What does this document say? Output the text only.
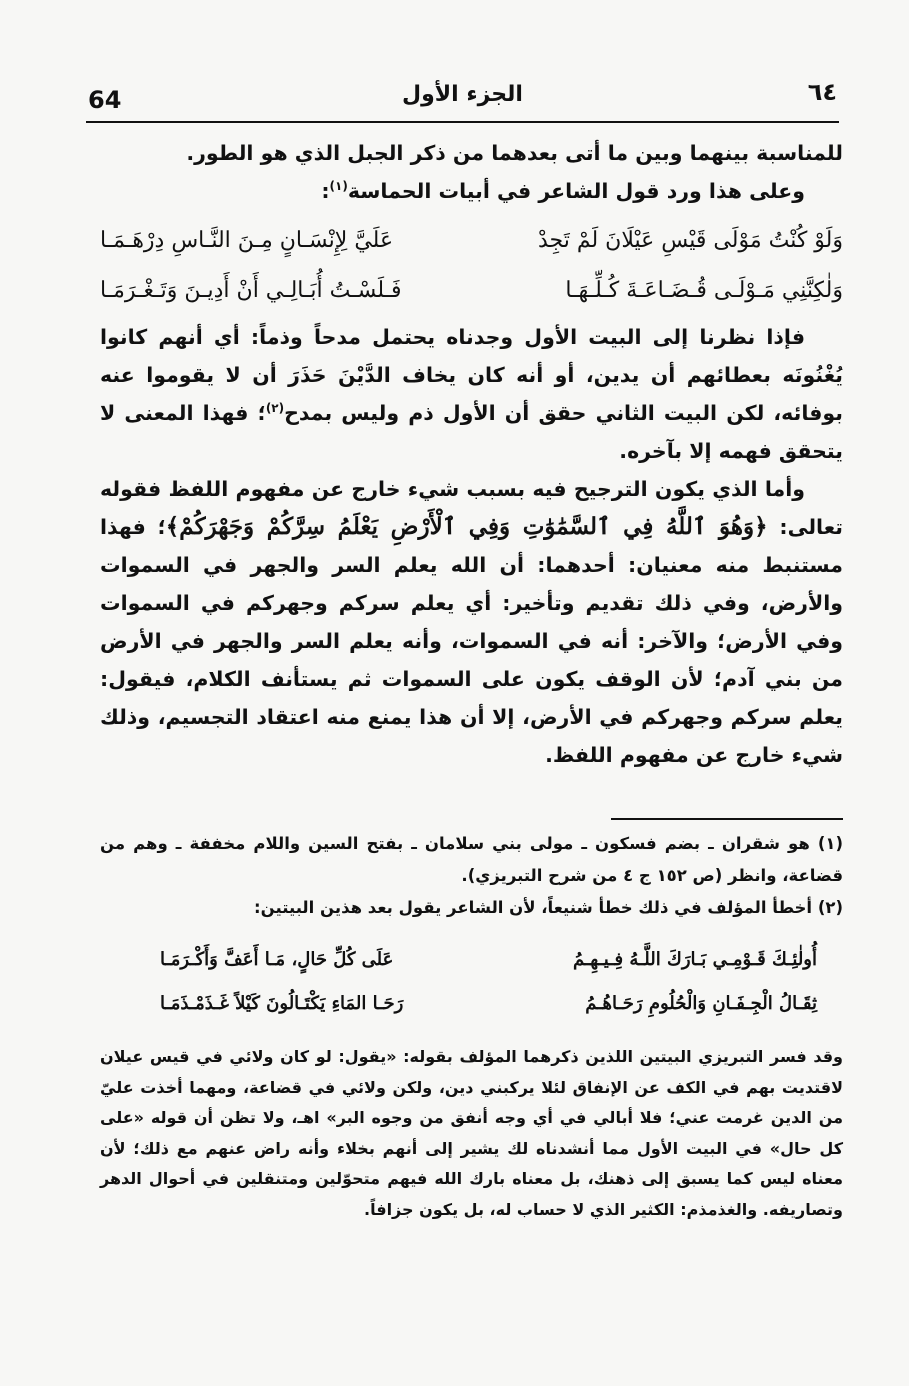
64	الجزء الأول	٦٤

للمناسبة بينهما وبين ما أتى بعدهما من ذكر الجبل الذي هو الطور.

وعلى هذا ورد قول الشاعر في أبيات الحماسة$^{(١)}$:

وَلَوْ كُنْتُ مَوْلَى قَيْسِ عَيْلَانَ لَمْ تَجِدْ
عَلَيَّ لِإِنْسَـانٍ مِـنَ النَّـاسِ دِرْهَـمَـا
وَلٰكِنَّنِي مَـوْلَـى قُـضَـاعَـةَ كُـلِّـهَـا
فَـلَسْـتُ أُبَـالِـي أَنْ أَدِيـنَ وَتَـغْـرَمَـا

فإذا نظرنا إلى البيت الأول وجدناه يحتمل مدحاً وذماً: أي أنهم كانوا يُغْنُونَه بعطائهم أن يدين، أو أنه كان يخاف الدَّيْنَ حَذَرَ أن لا يقوموا عنه بوفائه، لكن البيت الثاني حقق أن الأول ذم وليس بمدح$^{(٢)}$؛ فهذا المعنى لا يتحقق فهمه إلا بآخره.

وأما الذي يكون الترجيح فيه بسبب شيء خارج عن مفهوم اللفظ فقوله تعالى: ﴿وَهُوَ ٱللَّهُ فِي ٱلسَّمَٰوَٰتِ وَفِي ٱلْأَرْضِ يَعْلَمُ سِرَّكُمْ وَجَهْرَكُمْ﴾؛ فهذا مستنبط منه معنيان: أحدهما: أن الله يعلم السر والجهر في السموات والأرض، وفي ذلك تقديم وتأخير: أي يعلم سركم وجهركم في السموات وفي الأرض؛ والآخر: أنه في السموات، وأنه يعلم السر والجهر في الأرض من بني آدم؛ لأن الوقف يكون على السموات ثم يستأنف الكلام، فيقول: يعلم سركم وجهركم في الأرض، إلا أن هذا يمنع منه اعتقاد التجسيم، وذلك شيء خارج عن مفهوم اللفظ.

(١) هو شقران ـ بضم فسكون ـ مولى بني سلامان ـ بفتح السين واللام مخففة ـ وهم من قضاعة، وانظر (ص ١٥٢ ج ٤ من شرح التبريزي).

(٢) أخطأ المؤلف في ذلك خطأ شنيعاً، لأن الشاعر يقول بعد هذين البيتين:

أُولٰئِـكَ قَـوْمِـي بَـارَكَ اللَّـهُ فِـيـهِـمُ
عَلَى كُلِّ حَالٍ، مَـا أَعَفَّ وَأَكْـرَمَـا
ثِقَـالُ الْجِـفَـانِ وَالْحُلُومِ رَحَـاهُـمُ
رَحَـا المَاءِ يَكْتَـالُونَ كَيْلاً غَـذَمْـذَمَـا

وقد فسر التبريزي البيتين اللذين ذكرهما المؤلف بقوله: «يقول: لو كان ولائي في قيس عيلان لاقتديت بهم في الكف عن الإنفاق لئلا يركبني دين، ولكن ولائي في قضاعة، ومهما أخذت عليّ من الدين غرمت عني؛ فلا أبالي في أي وجه أنفق من وجوه البر» اهـ، ولا تظن أن قوله «على كل حال» في البيت الأول مما أنشدناه لك يشير إلى أنهم بخلاء وأنه راض عنهم مع ذلك؛ لأن معناه ليس كما يسبق إلى ذهنك، بل معناه بارك الله فيهم متحوّلين ومتنقلين في أحوال الدهر وتصاريفه. والغذمذم: الكثير الذي لا حساب له، بل يكون جزافاً.
